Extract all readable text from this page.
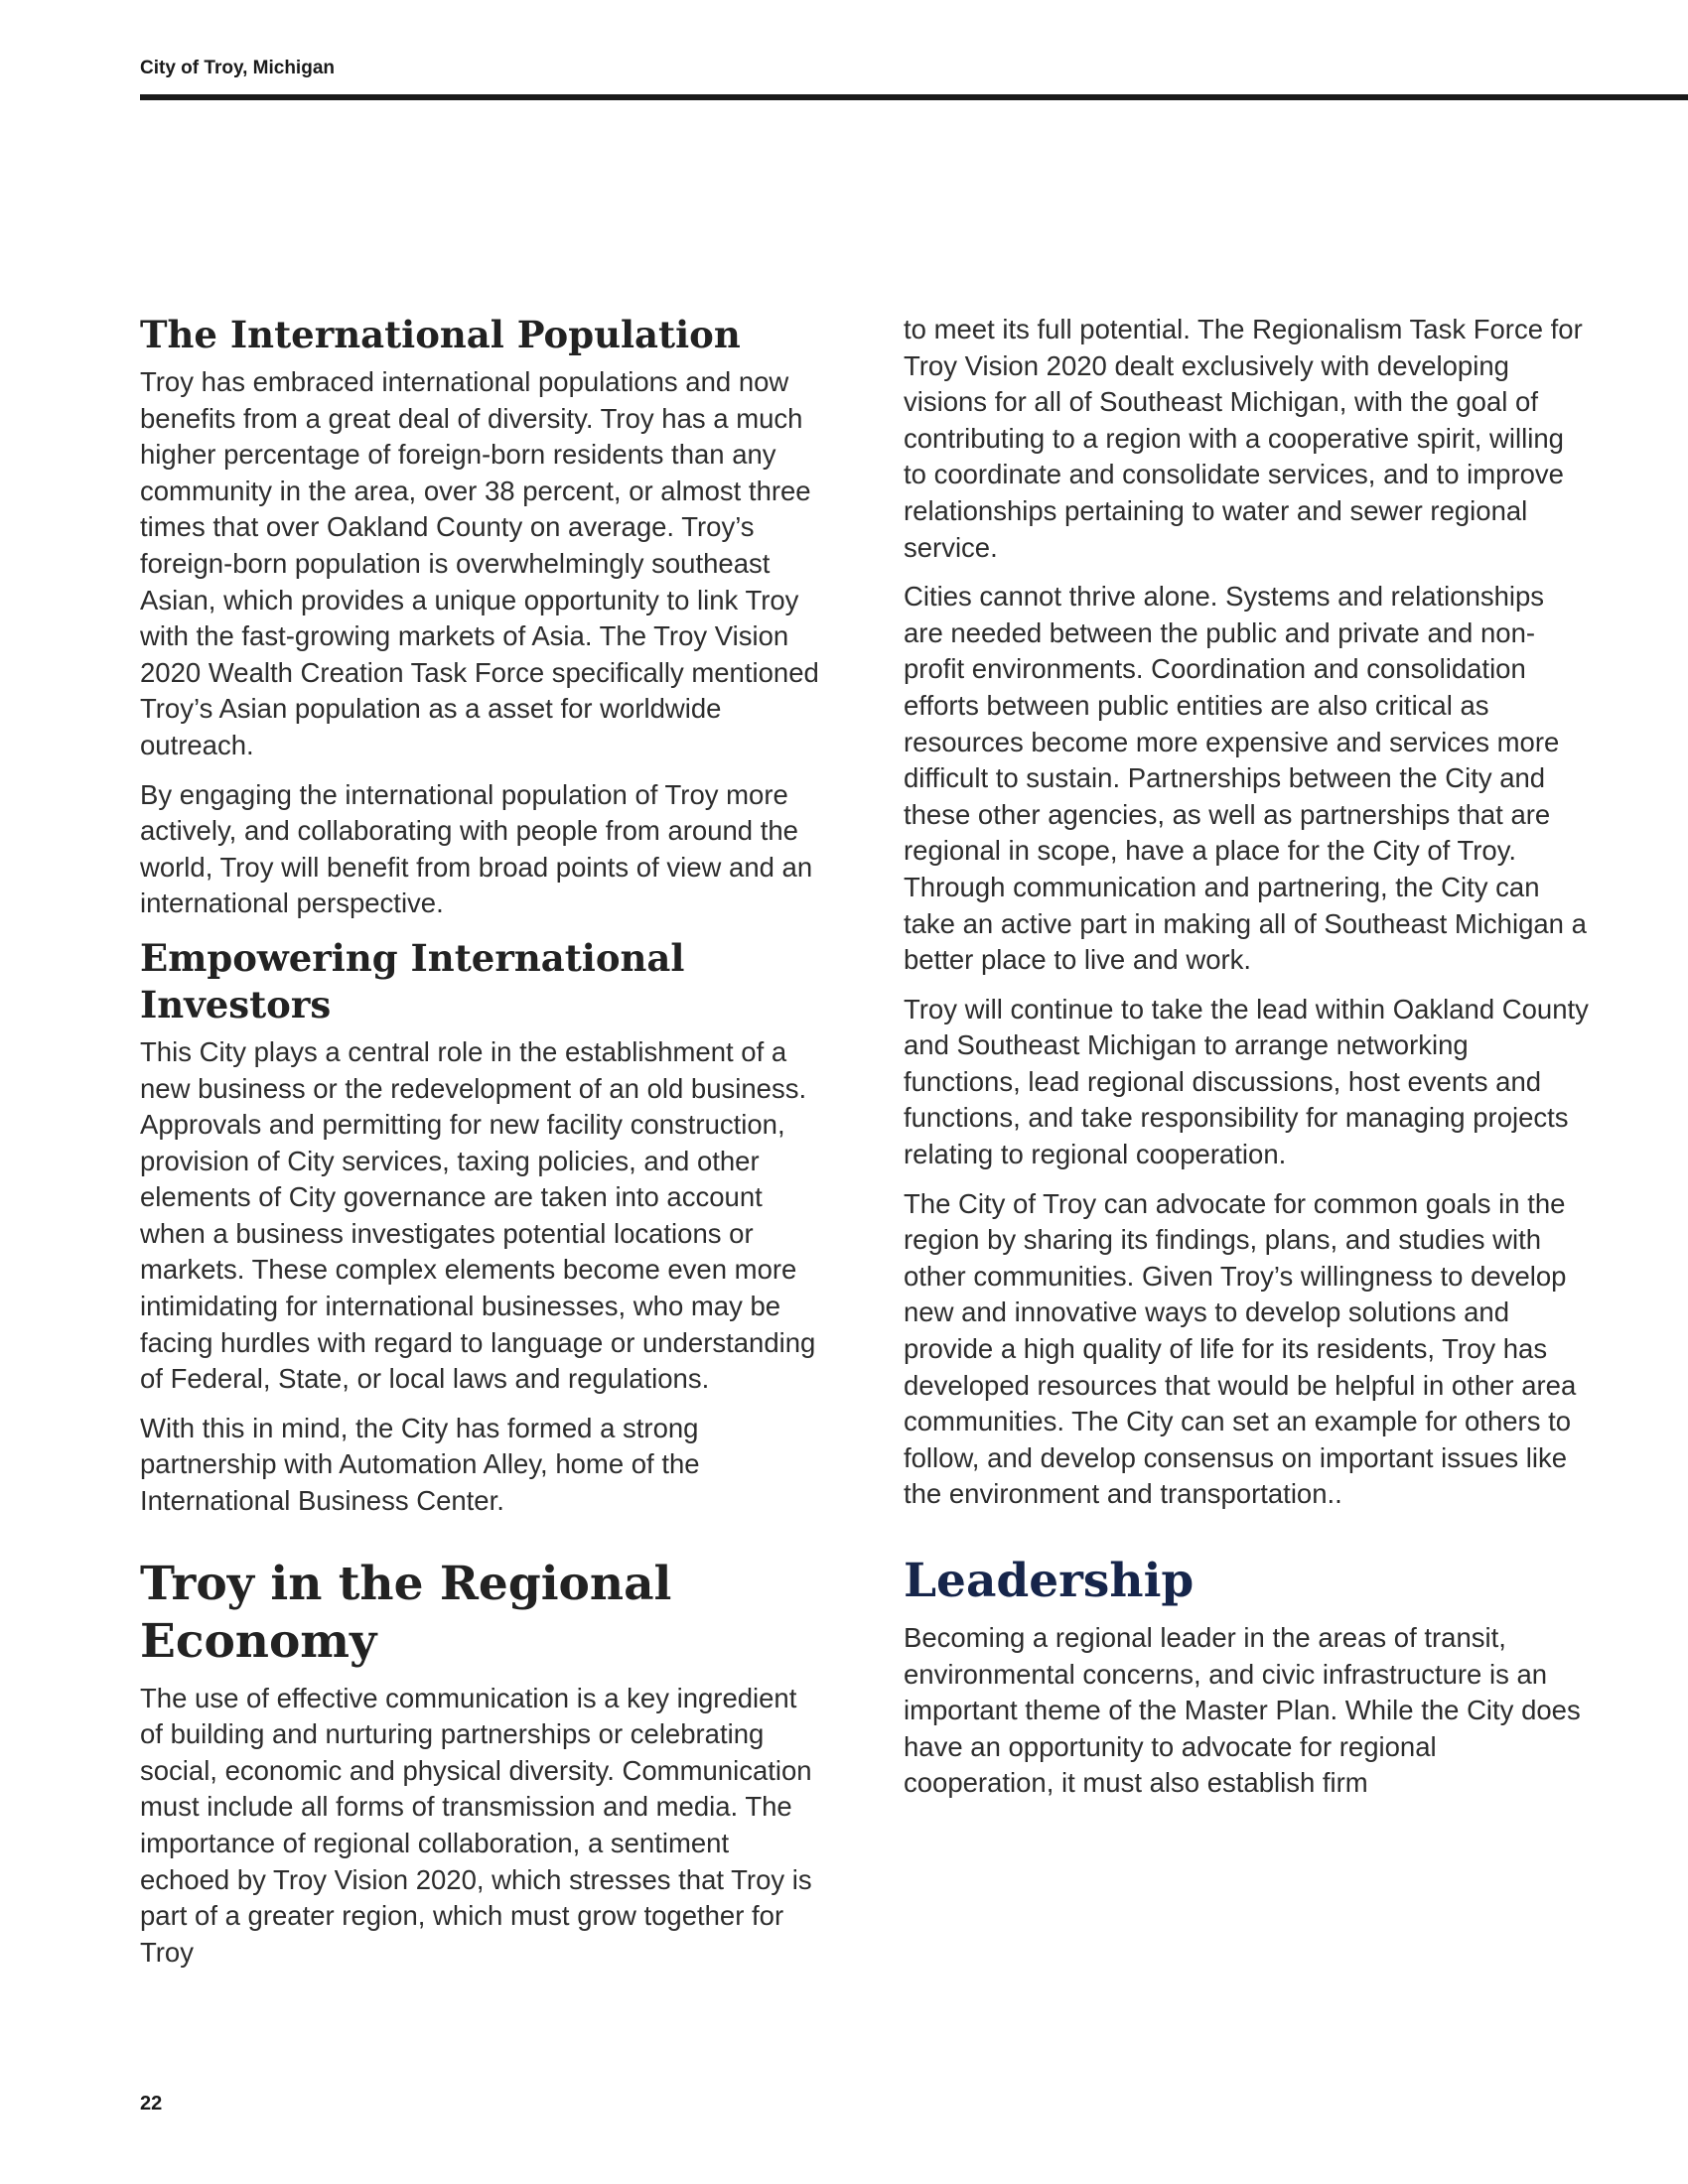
City of Troy, Michigan
The International Population

Troy has embraced international populations and now benefits from a great deal of diversity. Troy has a much higher percentage of foreign-born residents than any community in the area, over 38 percent, or almost three times that over Oakland County on average. Troy’s foreign-born population is overwhelmingly southeast Asian, which provides a unique opportunity to link Troy with the fast-growing markets of Asia. The Troy Vision 2020 Wealth Creation Task Force specifically mentioned Troy’s Asian population as a asset for worldwide outreach.

By engaging the international population of Troy more actively, and collaborating with people from around the world, Troy will benefit from broad points of view and an international perspective.

Empowering International Investors

This City plays a central role in the establishment of a new business or the redevelopment of an old business. Approvals and permitting for new facility construction, provision of City services, taxing policies, and other elements of City governance are taken into account when a business investigates potential locations or markets. These complex elements become even more intimidating for international businesses, who may be facing hurdles with regard to language or understanding of Federal, State, or local laws and regulations.

With this in mind, the City has formed a strong partnership with Automation Alley, home of the International Business Center.

Troy in the Regional Economy

The use of effective communication is a key ingredient of building and nurturing partnerships or celebrating social, economic and physical diversity. Communication must include all forms of transmission and media. The importance of regional collaboration, a sentiment echoed by Troy Vision 2020, which stresses that Troy is part of a greater region, which must grow together for Troy

to meet its full potential. The Regionalism Task Force for Troy Vision 2020 dealt exclusively with developing visions for all of Southeast Michigan, with the goal of contributing to a region with a cooperative spirit, willing to coordinate and consolidate services, and to improve relationships pertaining to water and sewer regional service.

Cities cannot thrive alone. Systems and relationships are needed between the public and private and non-profit environments. Coordination and consolidation efforts between public entities are also critical as resources become more expensive and services more difficult to sustain. Partnerships between the City and these other agencies, as well as partnerships that are regional in scope, have a place for the City of Troy. Through communication and partnering, the City can take an active part in making all of Southeast Michigan a better place to live and work.

Troy will continue to take the lead within Oakland County and Southeast Michigan to arrange networking functions, lead regional discussions, host events and functions, and take responsibility for managing projects relating to regional cooperation.

The City of Troy can advocate for common goals in the region by sharing its findings, plans, and studies with other communities. Given Troy’s willingness to develop new and innovative ways to develop solutions and provide a high quality of life for its residents, Troy has developed resources that would be helpful in other area communities. The City can set an example for others to follow, and develop consensus on important issues like the environment and transportation..

Leadership

Becoming a regional leader in the areas of transit, environmental concerns, and civic infrastructure is an important theme of the Master Plan. While the City does have an opportunity to advocate for regional cooperation, it must also establish firm

22
